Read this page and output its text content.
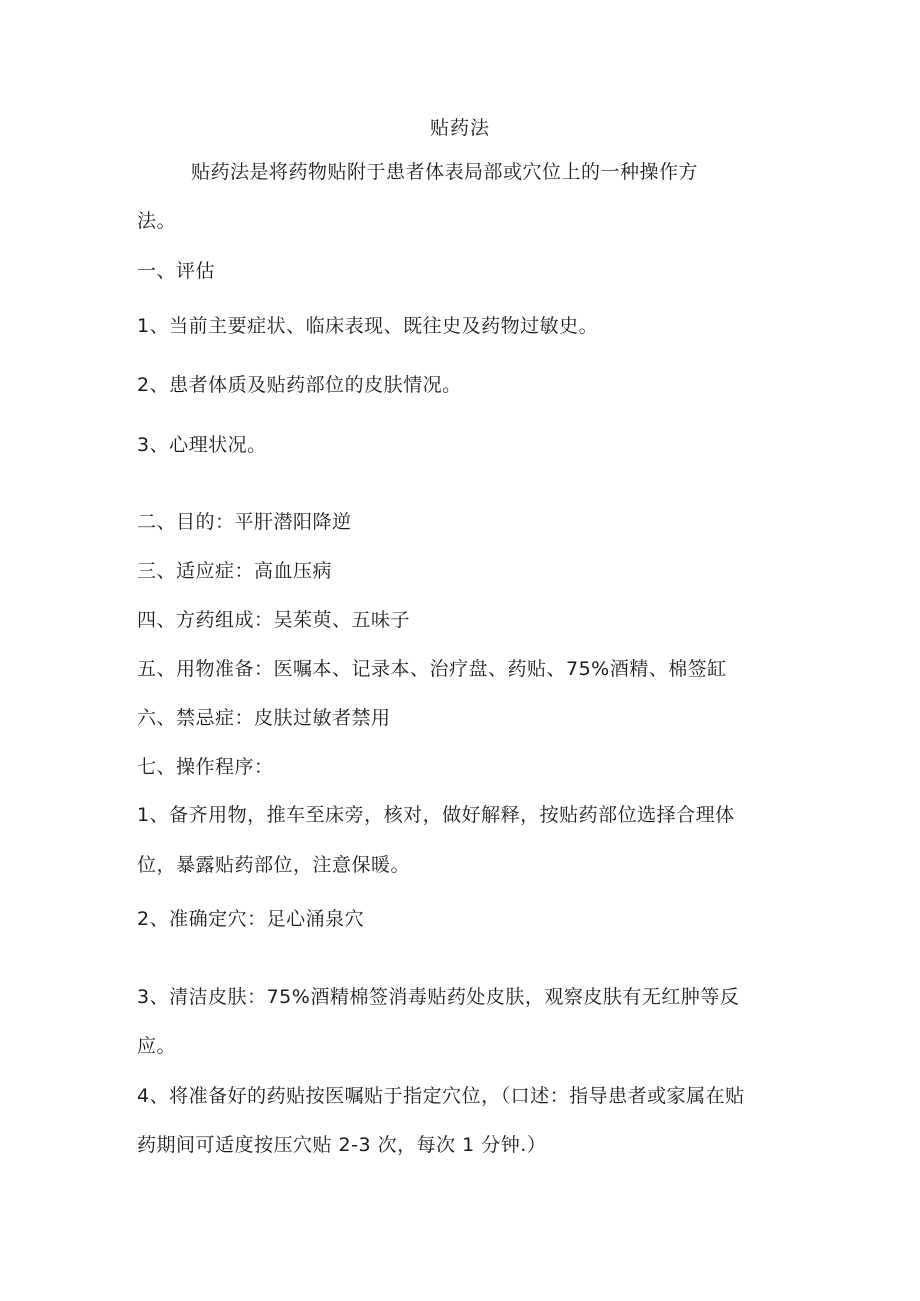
贴药法
贴药法是将药物贴附于患者体表局部或穴位上的一种操作方
法。
一、评估
1、当前主要症状、临床表现、既往史及药物过敏史。
2、患者体质及贴药部位的皮肤情况。
3、心理状况。
二、目的：平肝潜阳降逆
三、适应症：高血压病
四、方药组成：吴茱萸、五味子
五、用物准备：医嘱本、记录本、治疗盘、药贴、75%酒精、棉签缸
六、禁忌症：皮肤过敏者禁用
七、操作程序：
1、备齐用物，推车至床旁，核对，做好解释，按贴药部位选择合理体
位，暴露贴药部位，注意保暖。
2、准确定穴：足心涌泉穴
3、清洁皮肤：75%酒精棉签消毒贴药处皮肤，观察皮肤有无红肿等反
应。
4、将准备好的药贴按医嘱贴于指定穴位，（口述：指导患者或家属在贴
药期间可适度按压穴贴 2-3 次，每次 1 分钟.）
